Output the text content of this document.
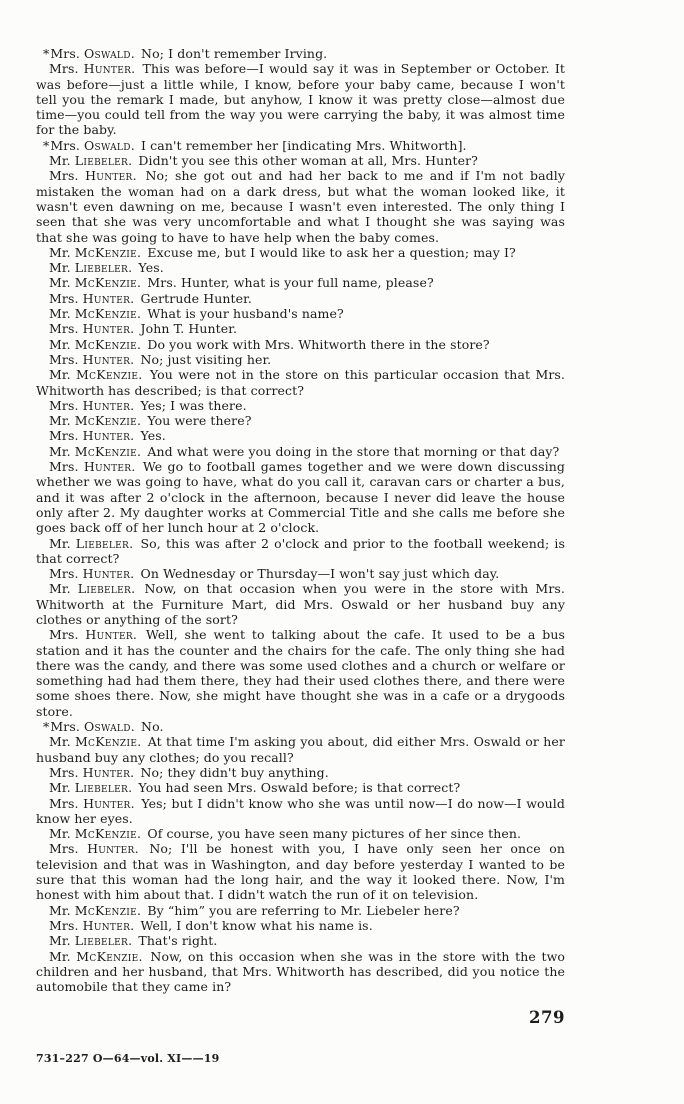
*Mrs. Oswald. No; I don't remember Irving.

Mrs. Hunter. This was before—I would say it was in September or October. It was before—just a little while, I know, before your baby came, because I won't tell you the remark I made, but anyhow, I know it was pretty close—almost due time—you could tell from the way you were carrying the baby, it was almost time for the baby.

*Mrs. Oswald. I can't remember her [indicating Mrs. Whitworth].

Mr. Liebeler. Didn't you see this other woman at all, Mrs. Hunter?

Mrs. Hunter. No; she got out and had her back to me and if I'm not badly mistaken the woman had on a dark dress, but what the woman looked like, it wasn't even dawning on me, because I wasn't even interested. The only thing I seen that she was very uncomfortable and what I thought she was saying was that she was going to have to have help when the baby comes.

Mr. McKenzie. Excuse me, but I would like to ask her a question; may I?

Mr. Liebeler. Yes.

Mr. McKenzie. Mrs. Hunter, what is your full name, please?

Mrs. Hunter. Gertrude Hunter.

Mr. McKenzie. What is your husband's name?

Mrs. Hunter. John T. Hunter.

Mr. McKenzie. Do you work with Mrs. Whitworth there in the store?

Mrs. Hunter. No; just visiting her.

Mr. McKenzie. You were not in the store on this particular occasion that Mrs. Whitworth has described; is that correct?

Mrs. Hunter. Yes; I was there.

Mr. McKenzie. You were there?

Mrs. Hunter. Yes.

Mr. McKenzie. And what were you doing in the store that morning or that day?

Mrs. Hunter. We go to football games together and we were down discussing whether we was going to have, what do you call it, caravan cars or charter a bus, and it was after 2 o'clock in the afternoon, because I never did leave the house only after 2. My daughter works at Commercial Title and she calls me before she goes back off of her lunch hour at 2 o'clock.

Mr. Liebeler. So, this was after 2 o'clock and prior to the football weekend; is that correct?

Mrs. Hunter. On Wednesday or Thursday—I won't say just which day.

Mr. Liebeler. Now, on that occasion when you were in the store with Mrs. Whitworth at the Furniture Mart, did Mrs. Oswald or her husband buy any clothes or anything of the sort?

Mrs. Hunter. Well, she went to talking about the cafe. It used to be a bus station and it has the counter and the chairs for the cafe. The only thing she had there was the candy, and there was some used clothes and a church or welfare or something had had them there, they had their used clothes there, and there were some shoes there. Now, she might have thought she was in a cafe or a drygoods store.

*Mrs. Oswald. No.

Mr. McKenzie. At that time I'm asking you about, did either Mrs. Oswald or her husband buy any clothes; do you recall?

Mrs. Hunter. No; they didn't buy anything.

Mr. Liebeler. You had seen Mrs. Oswald before; is that correct?

Mrs. Hunter. Yes; but I didn't know who she was until now—I do now—I would know her eyes.

Mr. McKenzie. Of course, you have seen many pictures of her since then.

Mrs. Hunter. No; I'll be honest with you, I have only seen her once on television and that was in Washington, and day before yesterday I wanted to be sure that this woman had the long hair, and the way it looked there. Now, I'm honest with him about that. I didn't watch the run of it on television.

Mr. McKenzie. By “him” you are referring to Mr. Liebeler here?

Mrs. Hunter. Well, I don't know what his name is.

Mr. Liebeler. That's right.

Mr. McKenzie. Now, on this occasion when she was in the store with the two children and her husband, that Mrs. Whitworth has described, did you notice the automobile that they came in?

279
731–227 O—64—vol. XI——19
